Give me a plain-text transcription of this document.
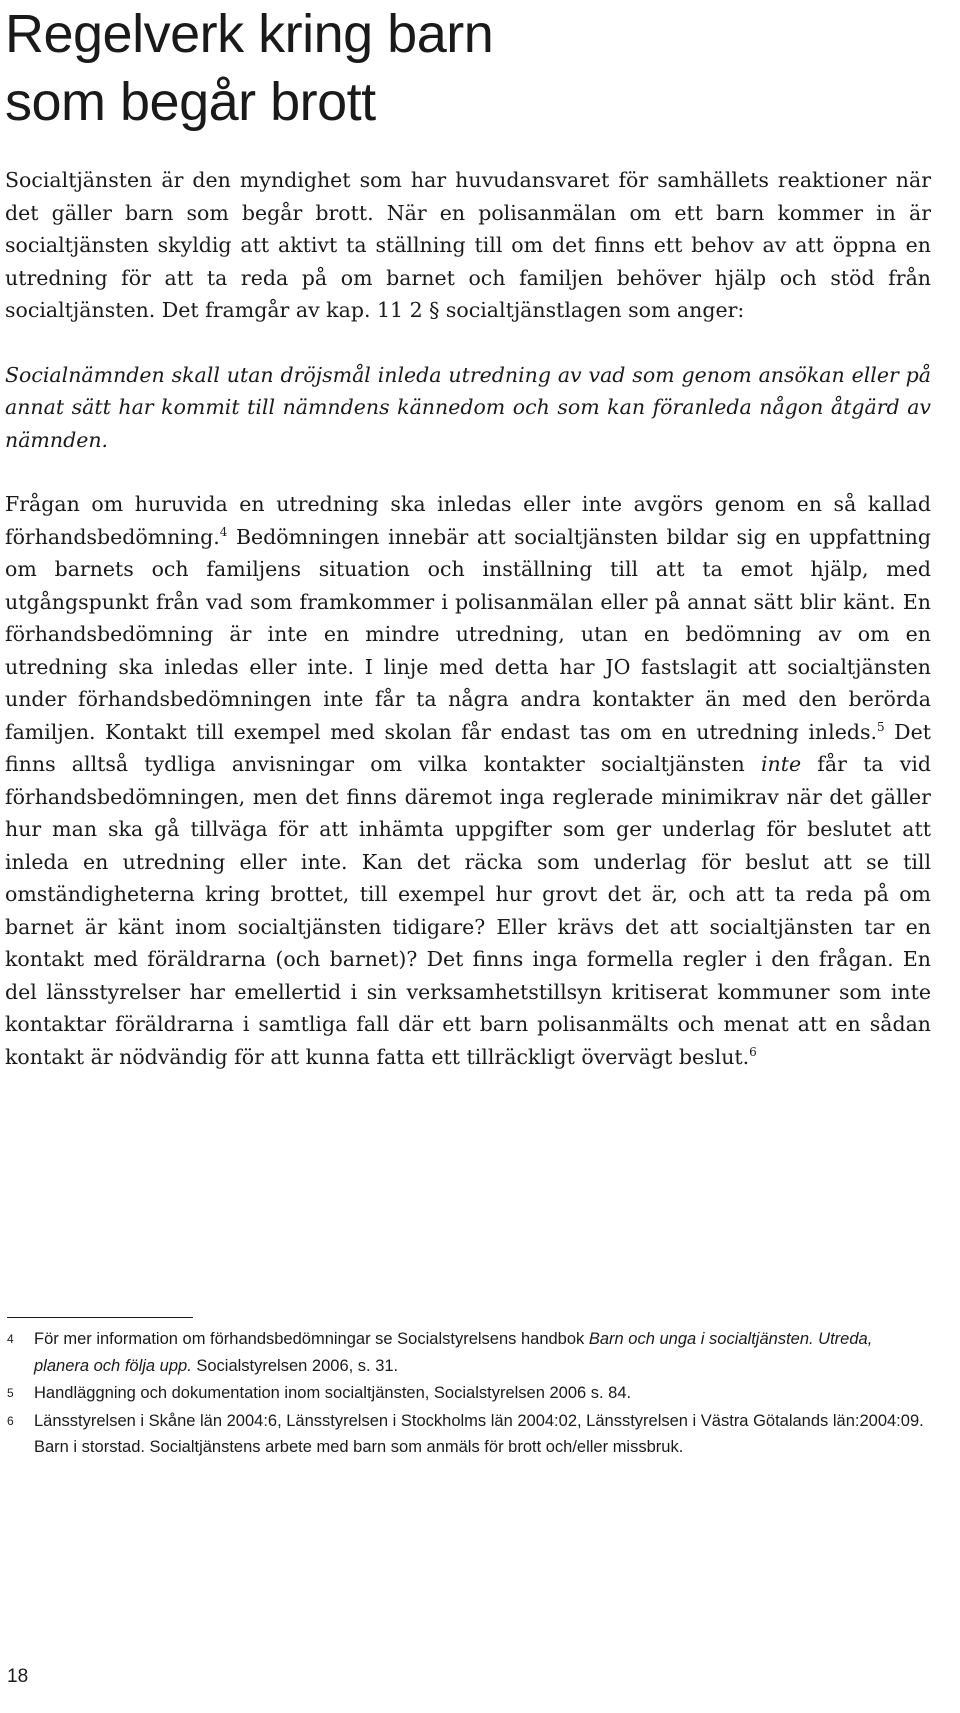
Regelverk kring barn
som begår brott

Socialtjänsten är den myndighet som har huvudansvaret för samhällets reaktioner när det gäller barn som begår brott. När en polisanmälan om ett barn kommer in är socialtjänsten skyldig att aktivt ta ställning till om det finns ett behov av att öppna en utredning för att ta reda på om barnet och familjen behöver hjälp och stöd från socialtjänsten. Det framgår av kap. 11 2 § socialtjänstlagen som anger:

Socialnämnden skall utan dröjsmål inleda utredning av vad som genom ansökan eller på annat sätt har kommit till nämndens kännedom och som kan föranleda någon åtgärd av nämnden.

Frågan om huruvida en utredning ska inledas eller inte avgörs genom en så kallad förhandsbedömning.$^4$ Bedömningen innebär att socialtjänsten bildar sig en uppfattning om barnets och familjens situation och inställning till att ta emot hjälp, med utgångspunkt från vad som framkommer i polisanmälan eller på annat sätt blir känt. En förhandsbedömning är inte en mindre utredning, utan en bedömning av om en utredning ska inledas eller inte. I linje med detta har JO fastslagit att socialtjänsten under förhandsbedömningen inte får ta några andra kontakter än med den berörda familjen. Kontakt till exempel med skolan får endast tas om en utredning inleds.$^5$ Det finns alltså tydliga anvisningar om vilka kontakter socialtjänsten inte får ta vid förhandsbedömningen, men det finns däremot inga reglerade minimikrav när det gäller hur man ska gå tillväga för att inhämta uppgifter som ger underlag för beslutet att inleda en utredning eller inte. Kan det räcka som underlag för beslut att se till omständigheterna kring brottet, till exempel hur grovt det är, och att ta reda på om barnet är känt inom socialtjänsten tidigare? Eller krävs det att socialtjänsten tar en kontakt med föräldrarna (och barnet)? Det finns inga formella regler i den frågan. En del länsstyrelser har emellertid i sin verksamhetstillsyn kritiserat kommuner som inte kontaktar föräldrarna i samtliga fall där ett barn polisanmälts och menat att en sådan kontakt är nödvändig för att kunna fatta ett tillräckligt övervägt beslut.$^6$

4	För mer information om förhandsbedömningar se Socialstyrelsens handbok Barn och unga i socialtjänsten. Utreda, planera och följa upp. Socialstyrelsen 2006, s. 31.
5	Handläggning och dokumentation inom socialtjänsten, Socialstyrelsen 2006 s. 84.
6	Länsstyrelsen i Skåne län 2004:6, Länsstyrelsen i Stockholms län 2004:02, Länsstyrelsen i Västra Götalands län:2004:09. Barn i storstad. Socialtjänstens arbete med barn som anmäls för brott och/eller missbruk.
18
